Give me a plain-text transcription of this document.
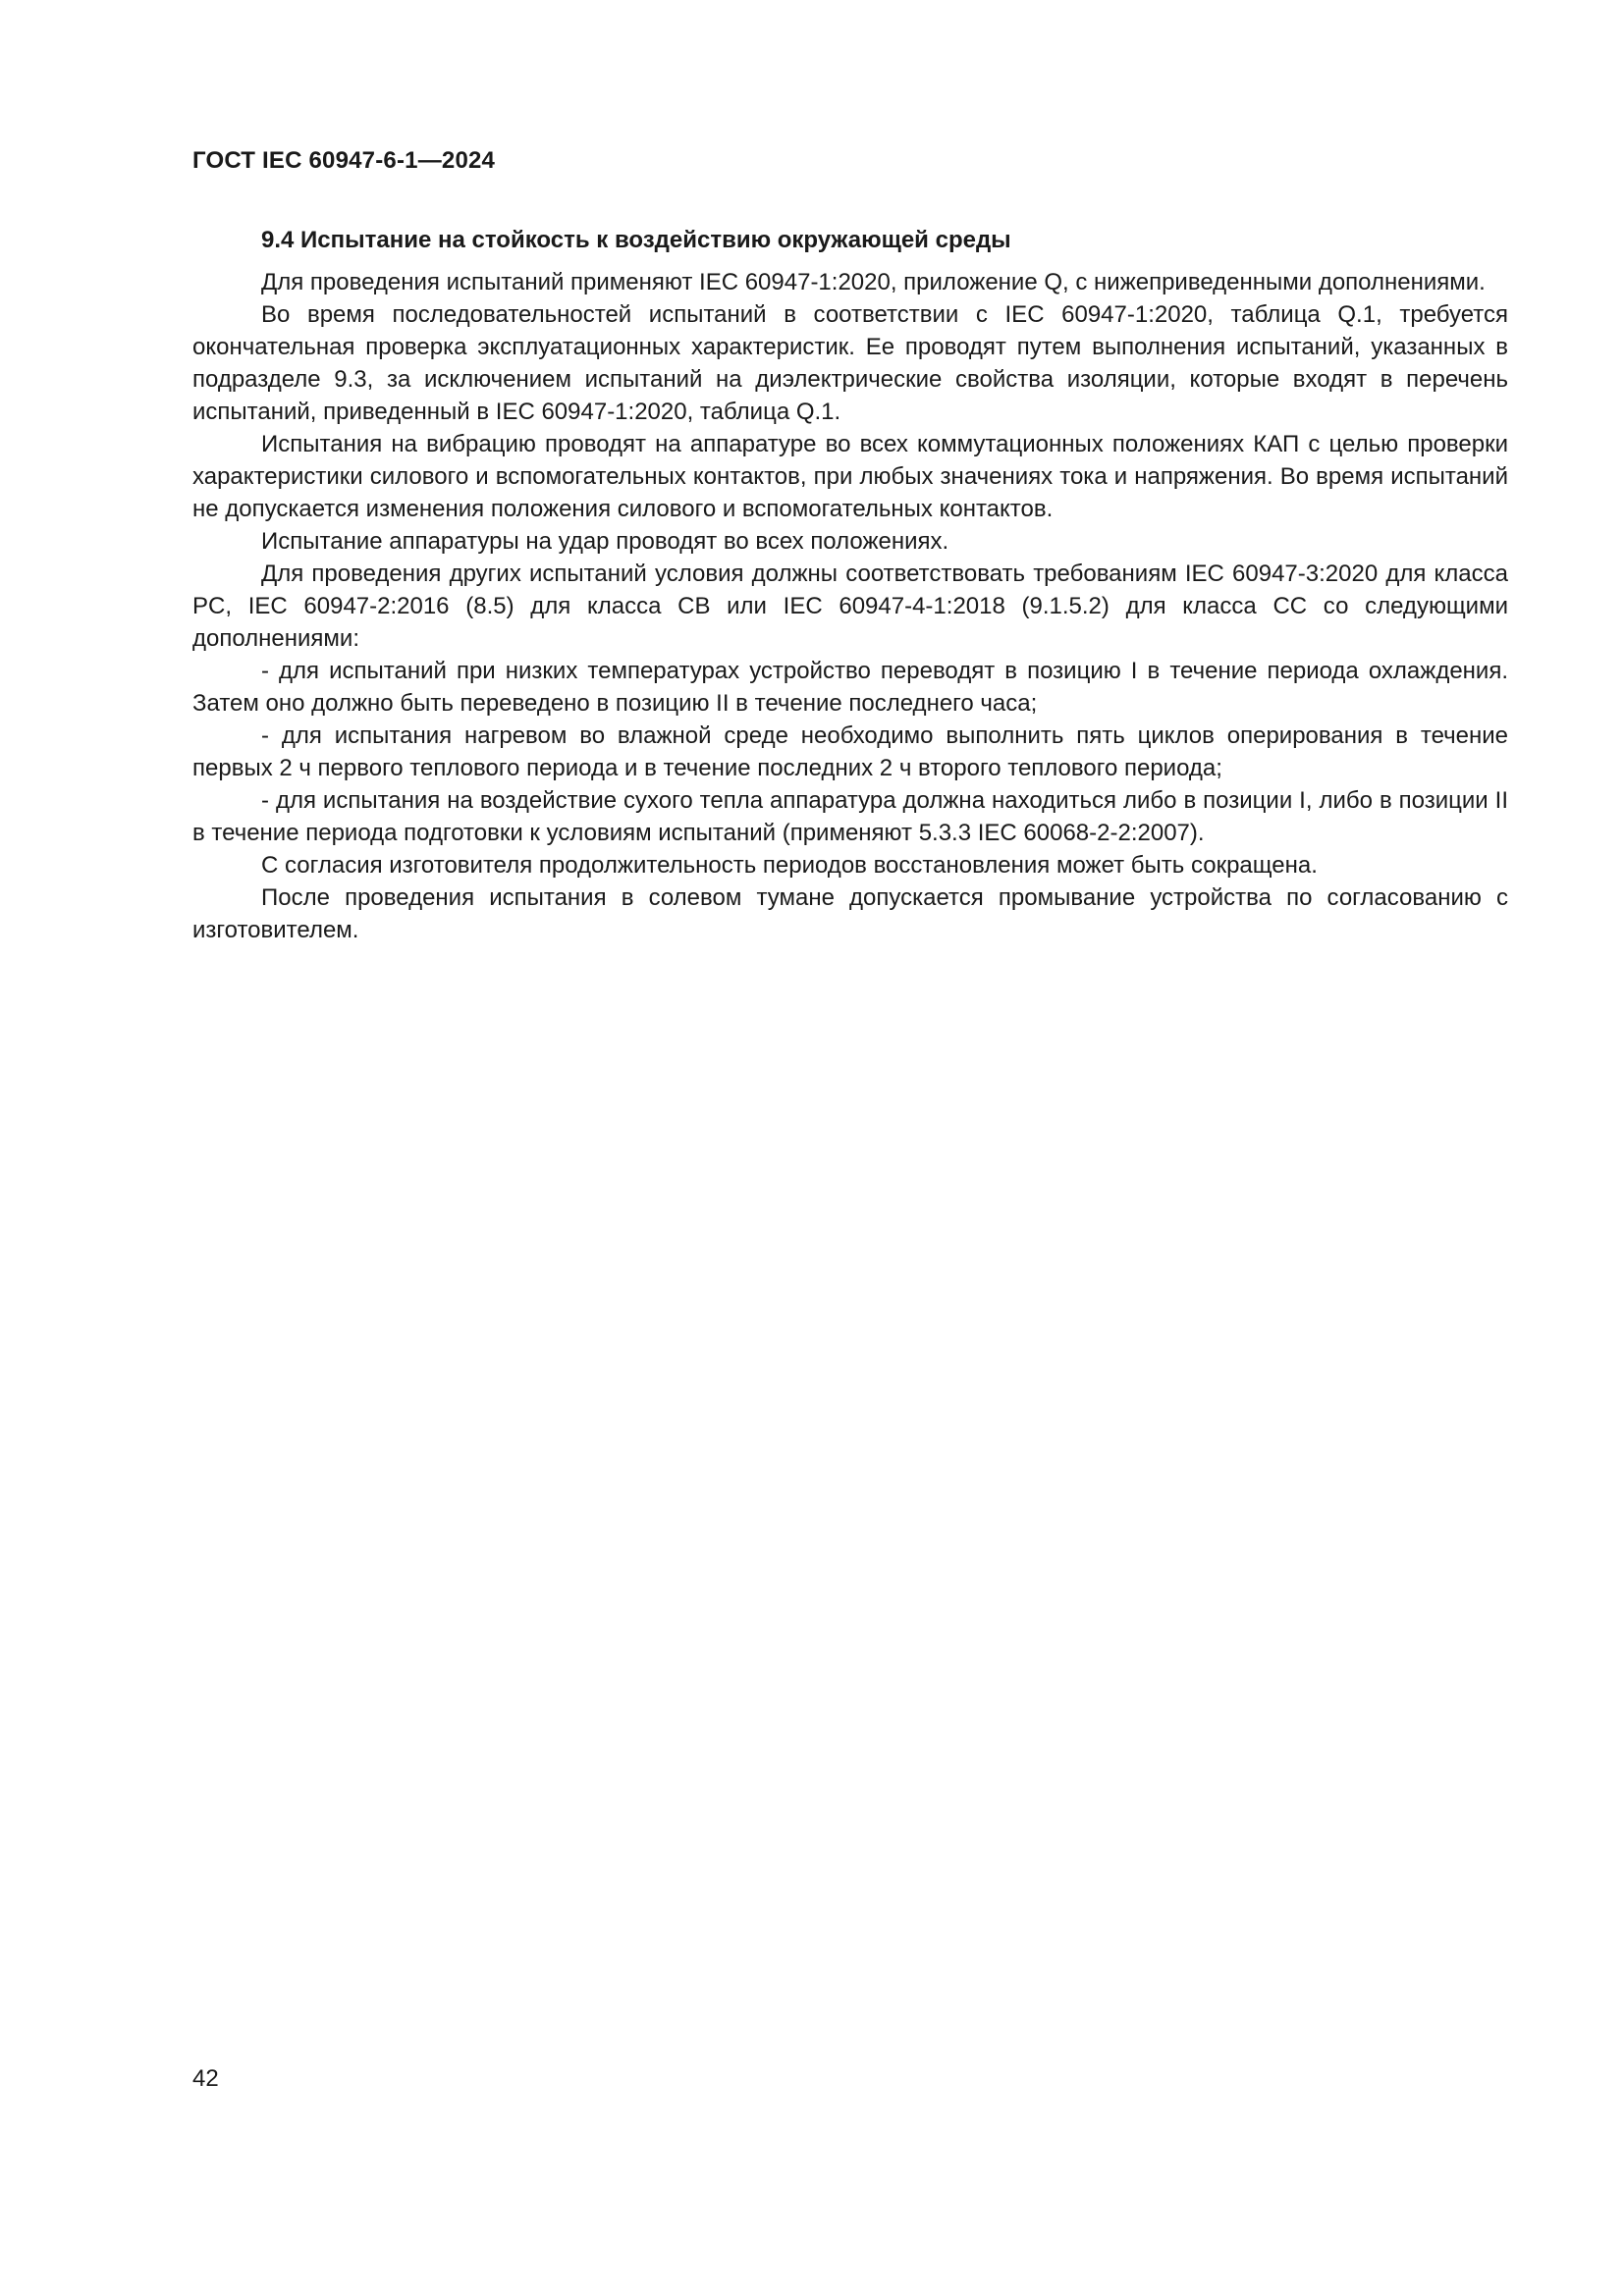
ГОСТ IEC 60947-6-1—2024
9.4 Испытание на стойкость к воздействию окружающей среды

Для проведения испытаний применяют IEC 60947-1:2020, приложение Q, с нижеприведенными дополнениями.

Во время последовательностей испытаний в соответствии с IEC 60947-1:2020, таблица Q.1, требуется окончательная проверка эксплуатационных характеристик. Ее проводят путем выполнения испытаний, указанных в подразделе 9.3, за исключением испытаний на диэлектрические свойства изоляции, которые входят в перечень испытаний, приведенный в IEC 60947-1:2020, таблица Q.1.

Испытания на вибрацию проводят на аппаратуре во всех коммутационных положениях КАП с целью проверки характеристики силового и вспомогательных контактов, при любых значениях тока и напряжения. Во время испытаний не допускается изменения положения силового и вспомогательных контактов.

Испытание аппаратуры на удар проводят во всех положениях.

Для проведения других испытаний условия должны соответствовать требованиям IEC 60947-3:2020 для класса PC, IEC 60947-2:2016 (8.5) для класса CB или IEC 60947-4-1:2018 (9.1.5.2) для класса CC со следующими дополнениями:

- для испытаний при низких температурах устройство переводят в позицию I в течение периода охлаждения. Затем оно должно быть переведено в позицию II в течение последнего часа;

- для испытания нагревом во влажной среде необходимо выполнить пять циклов оперирования в течение первых 2 ч первого теплового периода и в течение последних 2 ч второго теплового периода;

- для испытания на воздействие сухого тепла аппаратура должна находиться либо в позиции I, либо в позиции II в течение периода подготовки к условиям испытаний (применяют 5.3.3 IEC 60068-2-2:2007).

С согласия изготовителя продолжительность периодов восстановления может быть сокращена.

После проведения испытания в солевом тумане допускается промывание устройства по согласованию с изготовителем.

42
